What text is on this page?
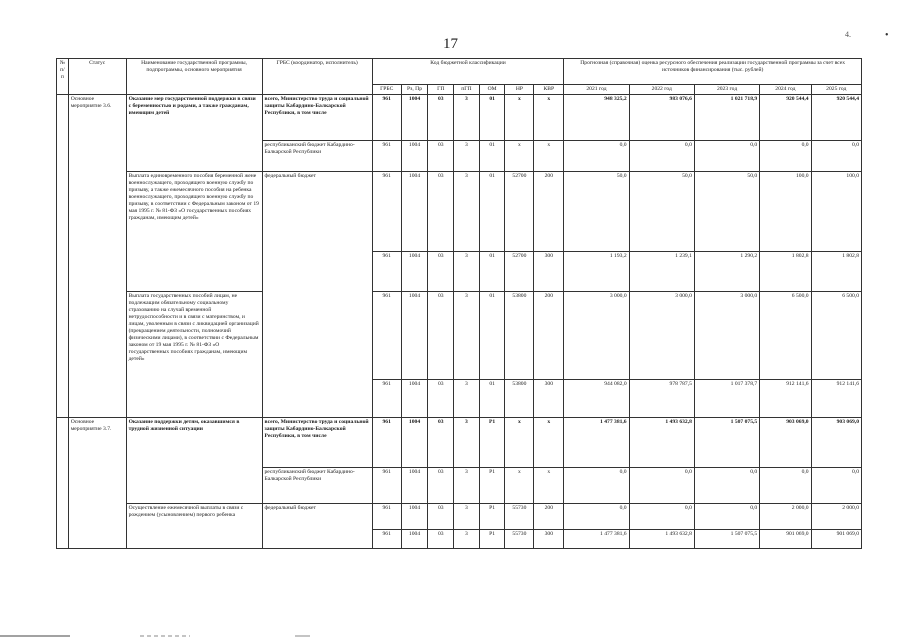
17
4.	•
№
п/п	Статус	Наименование государственной программы, подпрограммы, основного мероприятия	ГРБС (координатор, исполнитель)	Код бюджетной классификации							Прогнозная (справочная) оценка ресурсного обеспечения реализации государственной программы за счет всех источников финансирования (тыс. рублей)				
				ГРБС	Рз, Пр	ГП	пГП	ОМ	НР	КВР	2021 год	2022 год	2023 год	2024 год	2025 год
	Основное мероприятие 3.6.	Оказание мер государственной поддержки в связи с беременностью и родами, а также гражданам, имеющим детей	всего, Министерство труда и социальной защиты Кабардино-Балкарской Республики, в том числе	961	1004	03	3	01	х	х	948 325,2	983 076,6	1 021 718,9	920 544,4	920 544,4
			республиканский бюджет Кабардино-Балкарской Республики	961	1004	03	3	01	х	х	0,0	0,0	0,0	0,0	0,0
		Выплата единовременного пособия беременной жене военнослужащего, проходящего военную службу по призыву, а также ежемесячного пособия на ребенка военнослужащего, проходящего военную службу по призыву, в соответствии с Федеральным законом от 19 мая 1995 г. № 81-ФЗ «О государственных пособиях гражданам, имеющим детей»	федеральный бюджет	961	1004	03	3	01	52700	200	50,0	50,0	50,0	100,0	100,0
				961	1004	03	3	01	52700	300	1 193,2	1 239,1	1 290,2	1 802,8	1 802,8
		Выплата государственных пособий лицам, не подлежащим обязательному социальному страхованию на случай временной нетрудоспособности и в связи с материнством, и лицам, уволенным в связи с ликвидацией организаций (прекращением деятельности, полномочий физическими лицами), в соответствии с Федеральным законом от 19 мая 1995 г. № 81-ФЗ «О государственных пособиях гражданам, имеющим детей»		961	1004	03	3	01	53800	200	3 000,0	3 000,0	3 000,0	6 500,0	6 500,0
				961	1004	03	3	01	53800	300	944 082,0	978 787,5	1 017 378,7	912 141,6	912 141,6
	Основное мероприятие 3.7.	Оказание поддержки детям, оказавшимся в трудной жизненной ситуации	всего, Министерство труда и социальной защиты Кабардино-Балкарской Республики, в том числе	961	1004	03	3	P1	х	х	1 477 381,6	1 493 632,8	1 507 075,5	903 069,0	903 069,0
			республиканский бюджет Кабардино-Балкарской Республики	961	1004	03	3	P1	х	х	0,0	0,0	0,0	0,0	0,0
		Осуществление ежемесячной выплаты в связи с рождением (усыновлением) первого ребенка	федеральный бюджет	961	1004	03	3	P1	55730	200	0,0	0,0	0,0	2 000,0	2 000,0
				961	1004	03	3	P1	55730	300	1 477 381,6	1 493 632,8	1 507 075,5	901 069,0	901 069,0
